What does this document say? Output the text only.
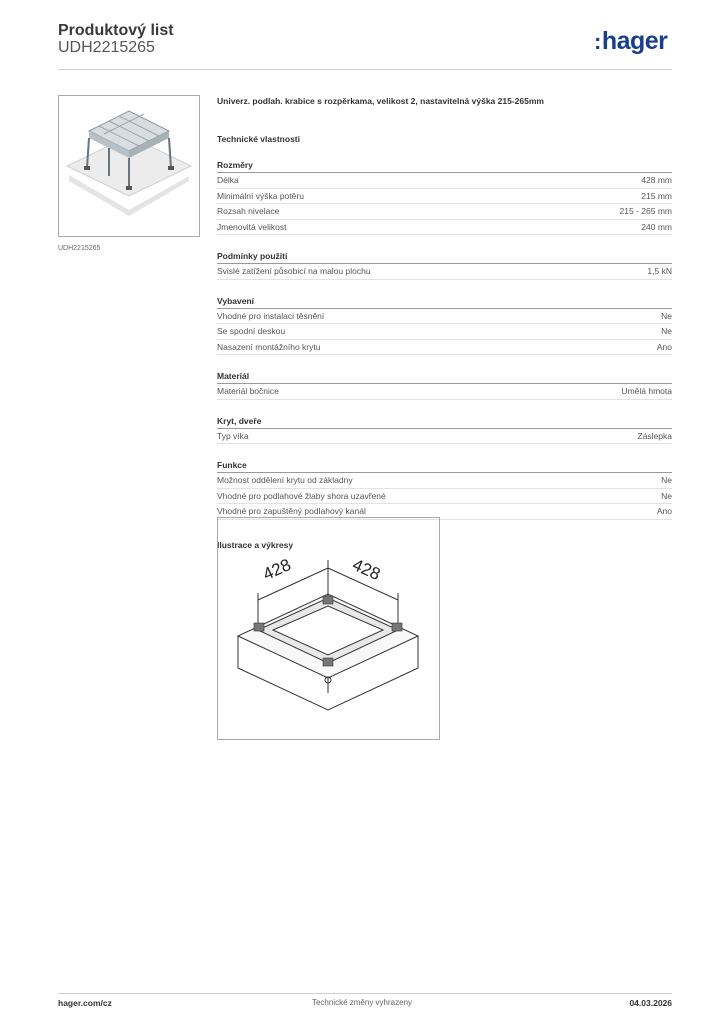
Produktový list
UDH2215265	:hager
UDH2215265
Univerz. podlah. krabice s rozpěrkama, velikost 2, nastavitelná výška 215-265mm
Technické vlastnosti
Rozměry
Délka	428 mm
Minimální výška potěru	215 mm
Rozsah nivelace	215 - 265 mm
Jmenovitá velikost	240 mm
Podmínky použití
Svislé zatížení působicí na malou plochu	1,5 kN
Vybavení
Vhodné pro instalaci těsnění	Ne
Se spodní deskou	Ne
Nasazení montážního krytu	Ano
Materiál
Materiál bočnice	Umělá hmota
Kryt, dveře
Typ víka	Záslepka
Funkce
Možnost oddělení krytu od základny	Ne
Vhodné pro podlahové žlaby shora uzavřené	Ne
Vhodné pro zapuštěný podlahový kanál	Ano
Ilustrace a výkresy
428	428
hager.com/cz	Technické změny vyhrazeny	04.03.2026
